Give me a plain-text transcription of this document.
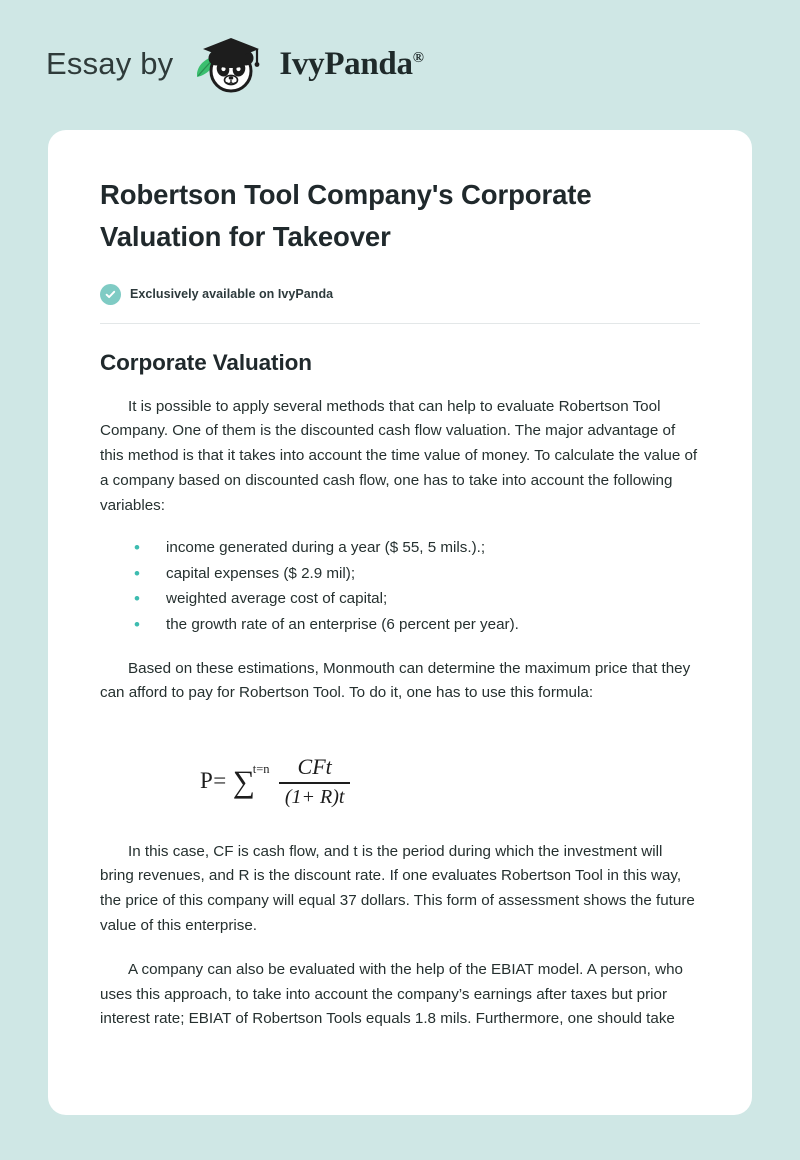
Essay by	IvyPanda®
Robertson Tool Company's Corporate Valuation for Takeover
Exclusively available on IvyPanda
Corporate Valuation

It is possible to apply several methods that can help to evaluate Robertson Tool Company. One of them is the discounted cash flow valuation. The major advantage of this method is that it takes into account the time value of money. To calculate the value of a company based on discounted cash flow, one has to take into account the following variables:

• income generated during a year ($ 55, 5 mils.).;
• capital expenses ($ 2.9 mil);
• weighted average cost of capital;
• the growth rate of an enterprise (6 percent per year).

Based on these estimations, Monmouth can determine the maximum price that they can afford to pay for Robertson Tool. To do it, one has to use this formula:

P= ∑
$t=n \frac{\text{CFt}}{(1+ R)t}$

In this case, CF is cash flow, and t is the period during which the investment will bring revenues, and R is the discount rate. If one evaluates Robertson Tool in this way, the price of this company will equal 37 dollars. This form of assessment shows the future value of this enterprise.

A company can also be evaluated with the help of the EBIAT model. A person, who uses this approach, to take into account the company’s earnings after taxes but prior interest rate; EBIAT of Robertson Tools equals 1.8 mils. Furthermore, one should take
